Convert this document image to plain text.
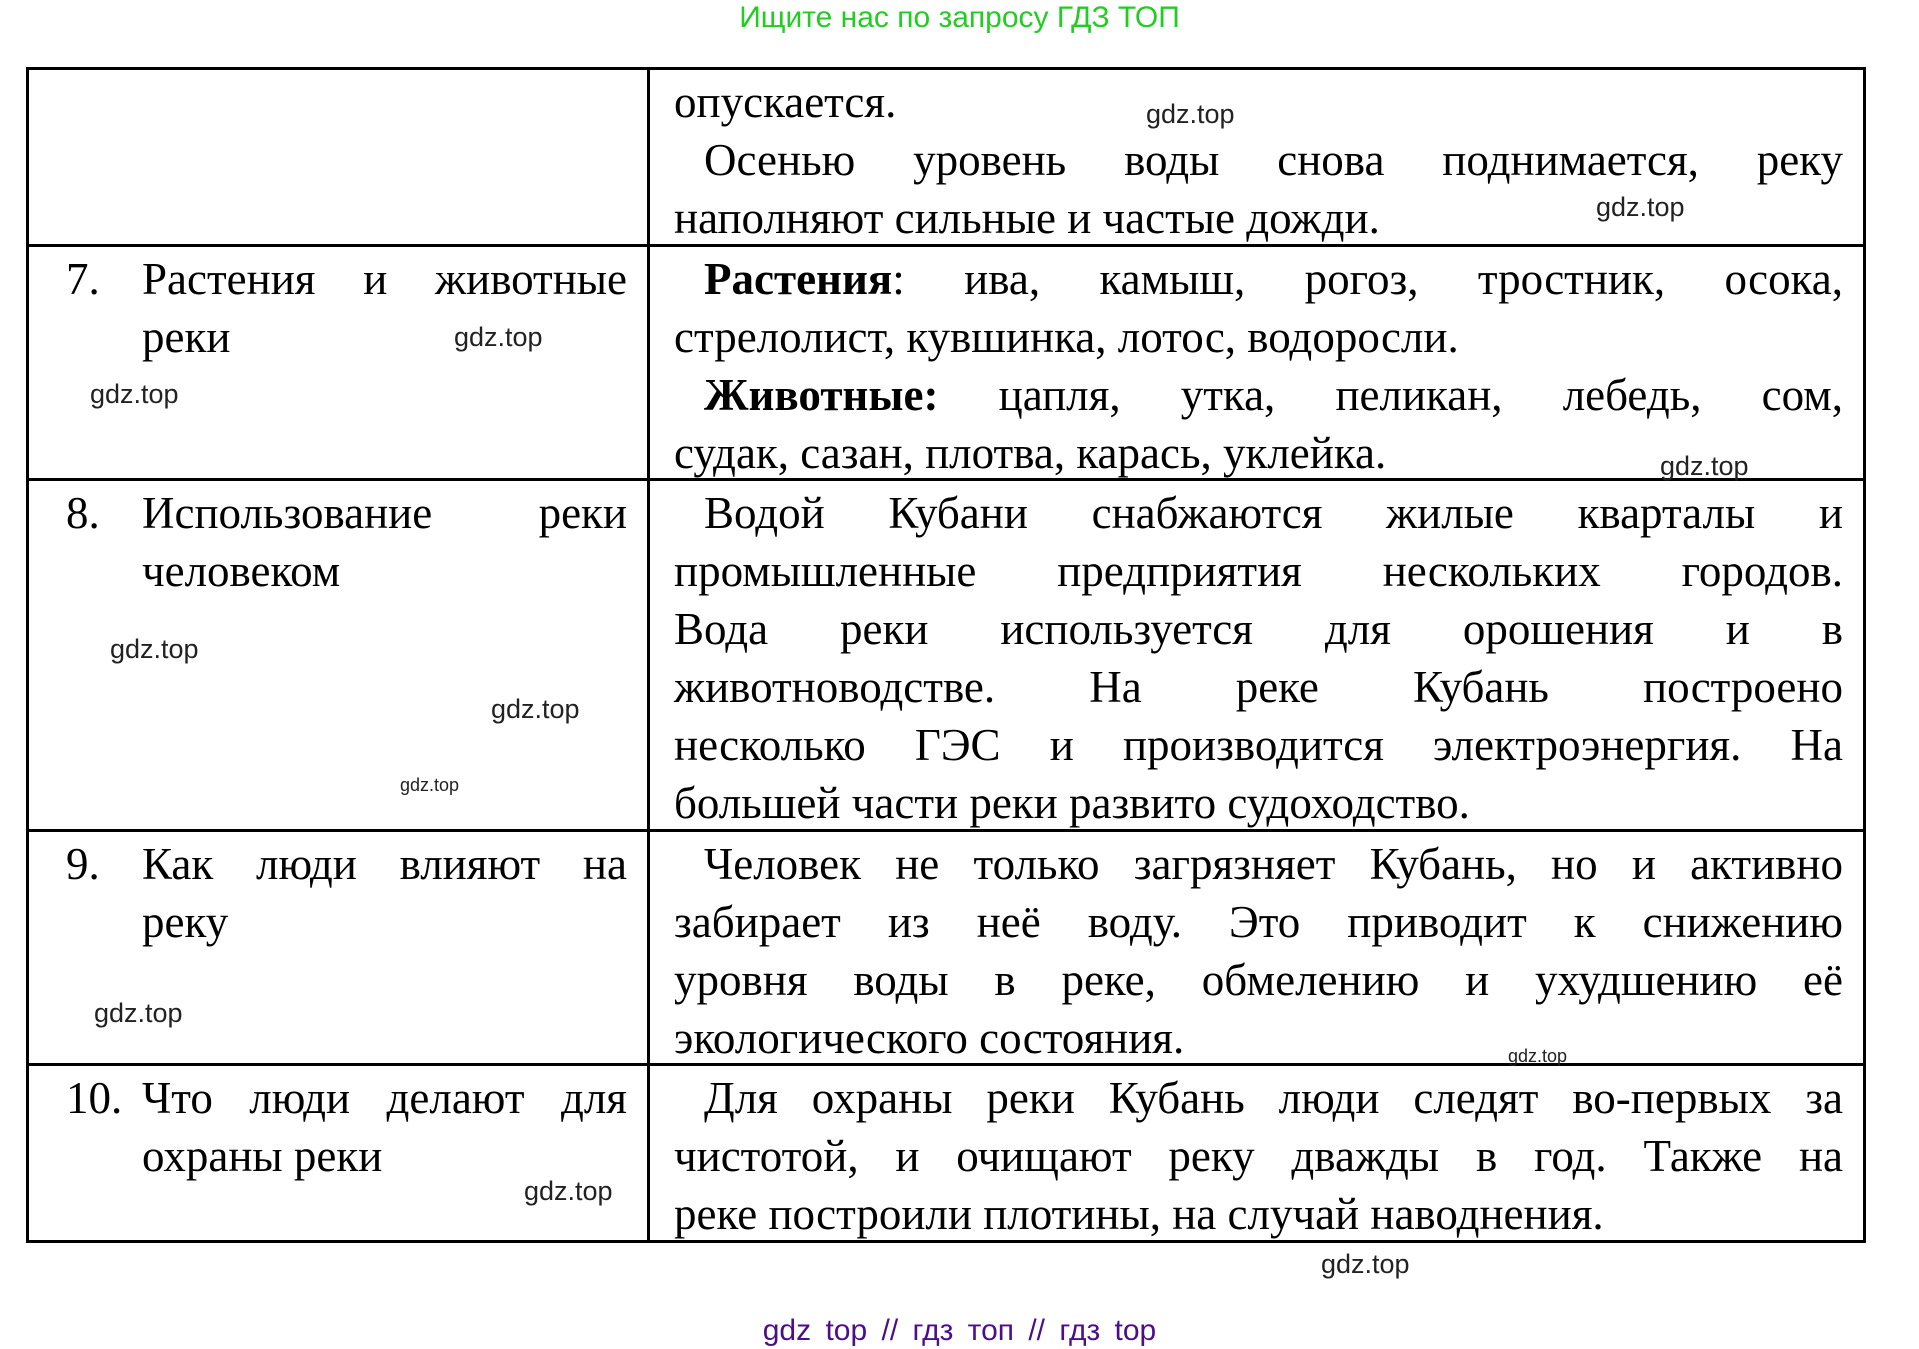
Ищите нас по запросу ГДЗ ТОП
опускается.
Осенью уровень воды снова поднимается, реку
наполняют сильные и частые дожди.
7. Растения и животные
реки
Растения: ива, камыш, рогоз, тростник, осока,
стрелолист, кувшинка, лотос, водоросли.
Животные: цапля, утка, пеликан, лебедь, сом,
судак, сазан, плотва, карась, уклейка.
8. Использование реки
человеком
Водой Кубани снабжаются жилые кварталы и
промышленные предприятия нескольких городов.
Вода реки используется для орошения и в
животноводстве. На реке Кубань построено
несколько ГЭС и производится электроэнергия. На
большей части реки развито судоходство.
9. Как люди влияют на
реку
Человек не только загрязняет Кубань, но и активно
забирает из неё воду. Это приводит к снижению
уровня воды в реке, обмелению и ухудшению её
экологического состояния.
10. Что люди делают для
охраны реки
Для охраны реки Кубань люди следят во-первых за
чистотой, и очищают реку дважды в год. Также на
реке построили плотины, на случай наводнения.
gdz.top
gdz.top
gdz.top
gdz.top
gdz.top
gdz.top
gdz.top
gdz.top
gdz.top
gdz.top
gdz.top
gdz.top
gdz top // гдз топ // гдз top
